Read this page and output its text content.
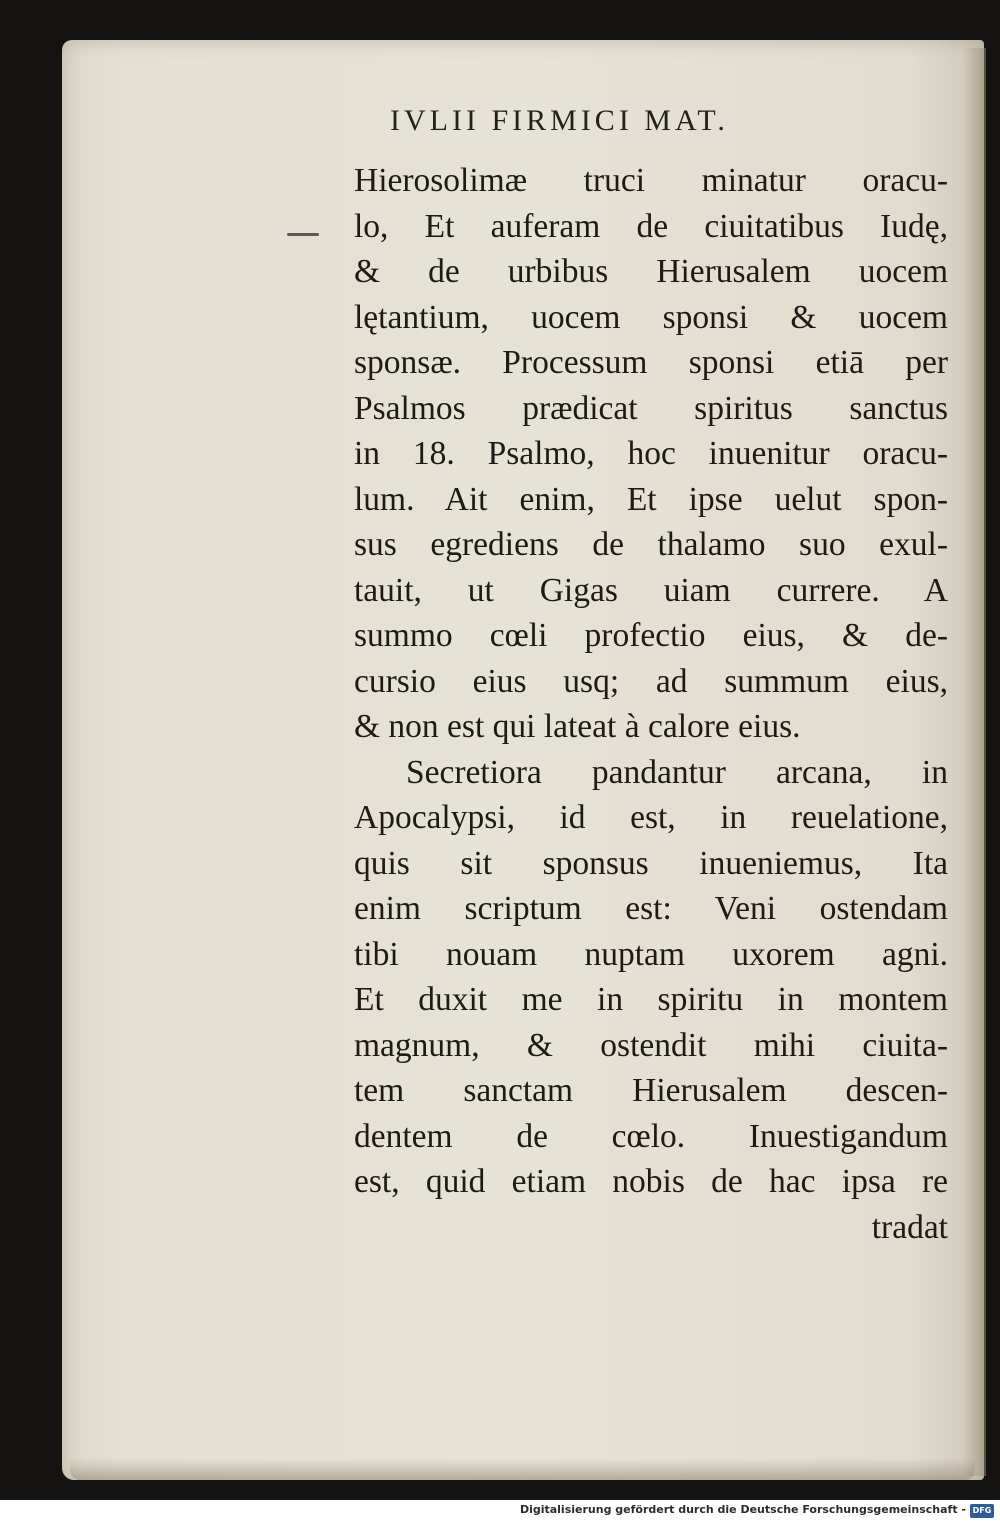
IVLII FIRMICI MAT.
Hierosolimæ truci minatur oracu-
lo, Et auferam de ciuitatibus Iudę,
& de urbibus Hierusalem uocem
lętantium, uocem sponsi & uocem
sponsæ. Processum sponsi etiā per
Psalmos prædicat spiritus sanctus
in 18. Psalmo, hoc inuenitur oracu-
lum. Ait enim, Et ipse uelut spon-
sus egrediens de thalamo suo exul-
tauit, ut Gigas uiam currere. A
summo cœli profectio eius, & de-
cursio eius usq; ad summum eius,
& non est qui lateat à calore eius.
Secretiora pandantur arcana, in
Apocalypsi, id est, in reuelatione,
quis sit sponsus inueniemus, Ita
enim scriptum est: Veni ostendam
tibi nouam nuptam uxorem agni.
Et duxit me in spiritu in montem
magnum, & ostendit mihi ciuita-
tem sanctam Hierusalem descen-
dentem de cœlo. Inuestigandum
est, quid etiam nobis de hac ipsa re
tradat
Digitalisierung gefördert durch die Deutsche Forschungsgemeinschaft - DFG
